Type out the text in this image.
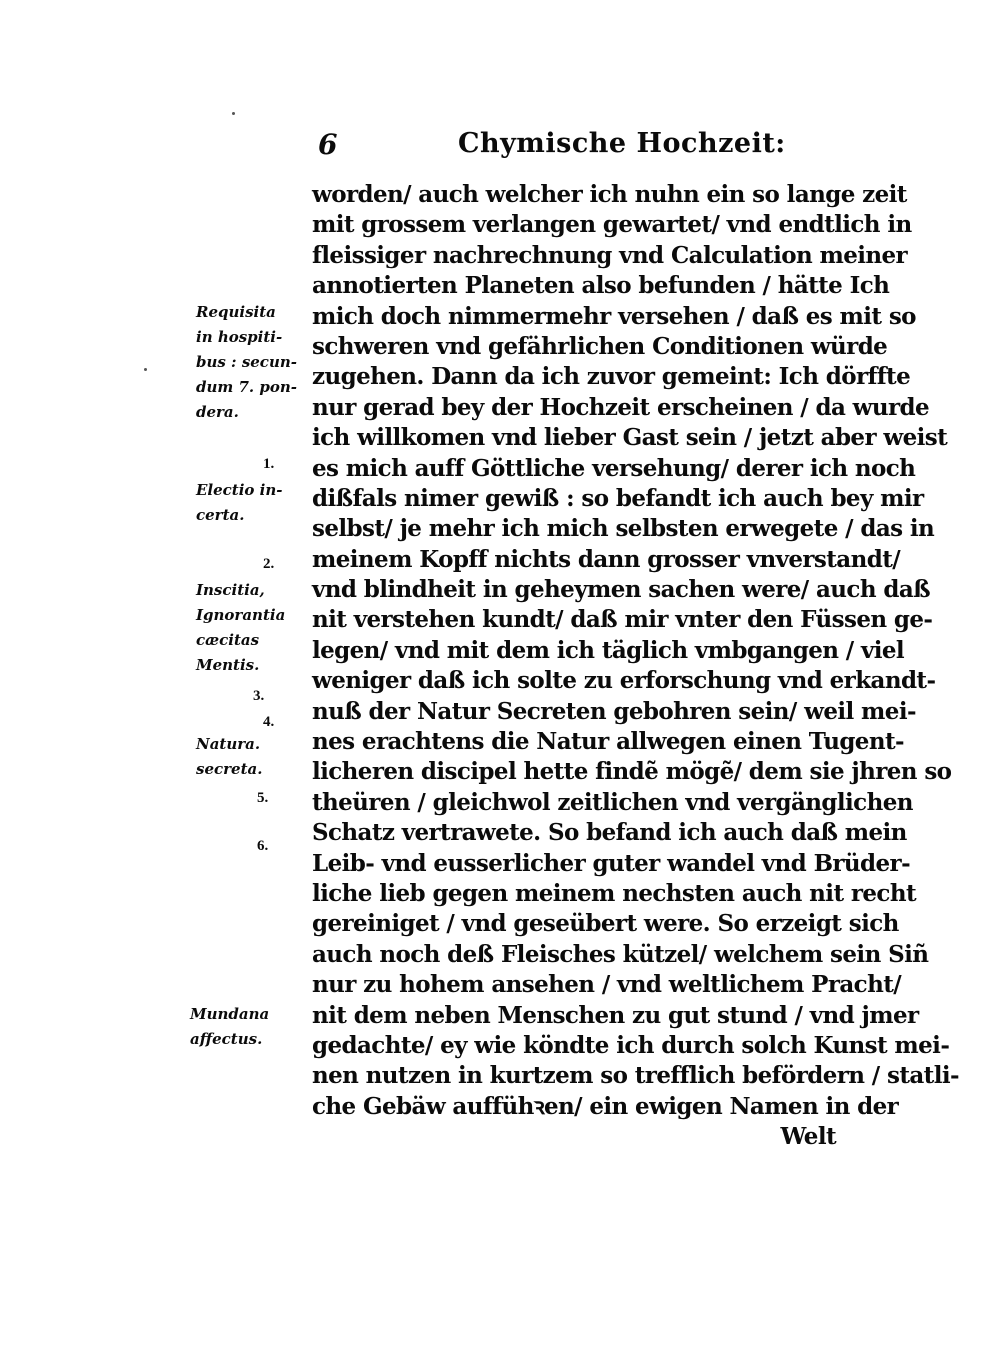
6	Chymische Hochzeit:
worden/ auch welcher ich nuhn ein so lange zeit
mit grossem verlangen gewartet/ vnd endtlich in
fleissiger nachrechnung vnd Calculation meiner
annotierten Planeten also befunden / hätte Ich
mich doch nimmermehr versehen / daß es mit so
schweren vnd gefährlichen Conditionen würde
zugehen. Dann da ich zuvor gemeint: Ich dörffte
nur gerad bey der Hochzeit erscheinen / da wurde
ich willkomen vnd lieber Gast sein / jetzt aber weist
es mich auff Göttliche versehung/ derer ich noch
dißfals nimer gewiß : so befandt ich auch bey mir
selbst/ je mehr ich mich selbsten erwegete / das in
meinem Kopff nichts dann grosser vnverstandt/
vnd blindheit in geheymen sachen were/ auch daß
nit verstehen kundt/ daß mir vnter den Füssen ge-
legen/ vnd mit dem ich täglich vmbgangen / viel
weniger daß ich solte zu erforschung vnd erkandt-
nuß der Natur Secreten gebohren sein/ weil mei-
nes erachtens die Natur allwegen einen Tugent-
licheren discipel hette findẽ mögẽ/ dem sie jhren so
theüren / gleichwol zeitlichen vnd vergänglichen
Schatz vertrawete. So befand ich auch daß mein
Leib- vnd eusserlicher guter wandel vnd Brüder-
liche lieb gegen meinem nechsten auch nit recht
gereiniget / vnd geseübert were. So erzeigt sich
auch noch deß Fleisches kützel/ welchem sein Siñ
nur zu hohem ansehen / vnd weltlichem Pracht/
nit dem neben Menschen zu gut stund / vnd jmer
gedachte/ ey wie köndte ich durch solch Kunst mei-
nen nutzen in kurtzem so trefflich befördern / statli-
che Gebäw auffühꝛen/ ein ewigen Namen in der
Welt
Requisita
in hospiti-
bus : secun-
dum 7. pon-
dera.
1.
Electio in-
certa.
2.
Inscitia,
Ignorantia
cæcitas
Mentis.
3.
4.
Natura.
secreta.
5.
6.
Mundana
affectus.
